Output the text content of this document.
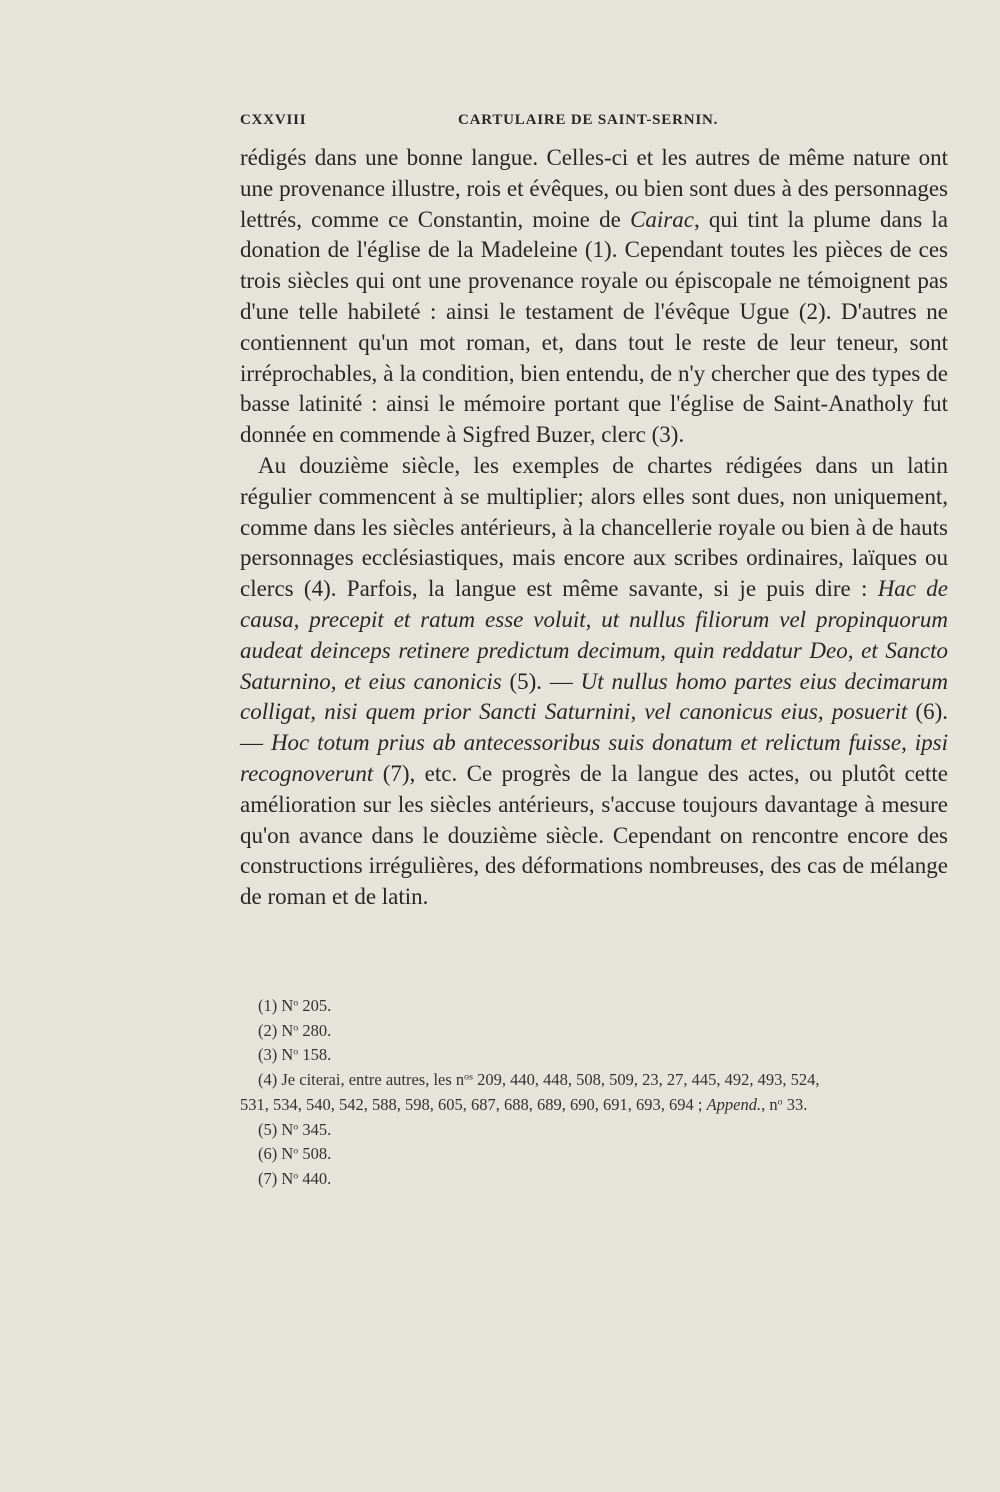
CXXVIII	CARTULAIRE DE SAINT-SERNIN.

rédigés dans une bonne langue. Celles-ci et les autres de même nature ont une provenance illustre, rois et évêques, ou bien sont dues à des personnages lettrés, comme ce Constantin, moine de Cairac, qui tint la plume dans la donation de l'église de la Madeleine (1). Cependant toutes les pièces de ces trois siècles qui ont une provenance royale ou épiscopale ne témoignent pas d'une telle habileté : ainsi le testament de l'évêque Ugue (2). D'autres ne contiennent qu'un mot roman, et, dans tout le reste de leur teneur, sont irréprochables, à la condition, bien entendu, de n'y chercher que des types de basse latinité : ainsi le mémoire portant que l'église de Saint-Anatholy fut donnée en commende à Sigfred Buzer, clerc (3).

Au douzième siècle, les exemples de chartes rédigées dans un latin régulier commencent à se multiplier; alors elles sont dues, non uniquement, comme dans les siècles antérieurs, à la chancellerie royale ou bien à de hauts personnages ecclésiastiques, mais encore aux scribes ordinaires, laïques ou clercs (4). Parfois, la langue est même savante, si je puis dire : Hac de causa, precepit et ratum esse voluit, ut nullus filiorum vel propinquorum audeat deinceps retinere predictum decimum, quin reddatur Deo, et Sancto Saturnino, et eius canonicis (5). — Ut nullus homo partes eius decimarum colligat, nisi quem prior Sancti Saturnini, vel canonicus eius, posuerit (6). — Hoc totum prius ab antecessoribus suis donatum et relictum fuisse, ipsi recognoverunt (7), etc. Ce progrès de la langue des actes, ou plutôt cette amélioration sur les siècles antérieurs, s'accuse toujours davantage à mesure qu'on avance dans le douzième siècle. Cependant on rencontre encore des constructions irrégulières, des déformations nombreuses, des cas de mélange de roman et de latin.

(1) $N^o$ 205.

(2) $N^o$ 280.

(3) $N^o$ 158.

(4) Je citerai, entre autres, les $n^{os}$ 209, 440, 448, 508, 509, 23, 27, 445, 492, 493, 524,
531, 534, 540, 542, 588, 598, 605, 687, 688, 689, 690, 691, 693, 694 ; Append., $n^o$ 33.

(5) $N^o$ 345.

(6) $N^o$ 508.

(7) $N^o$ 440.
